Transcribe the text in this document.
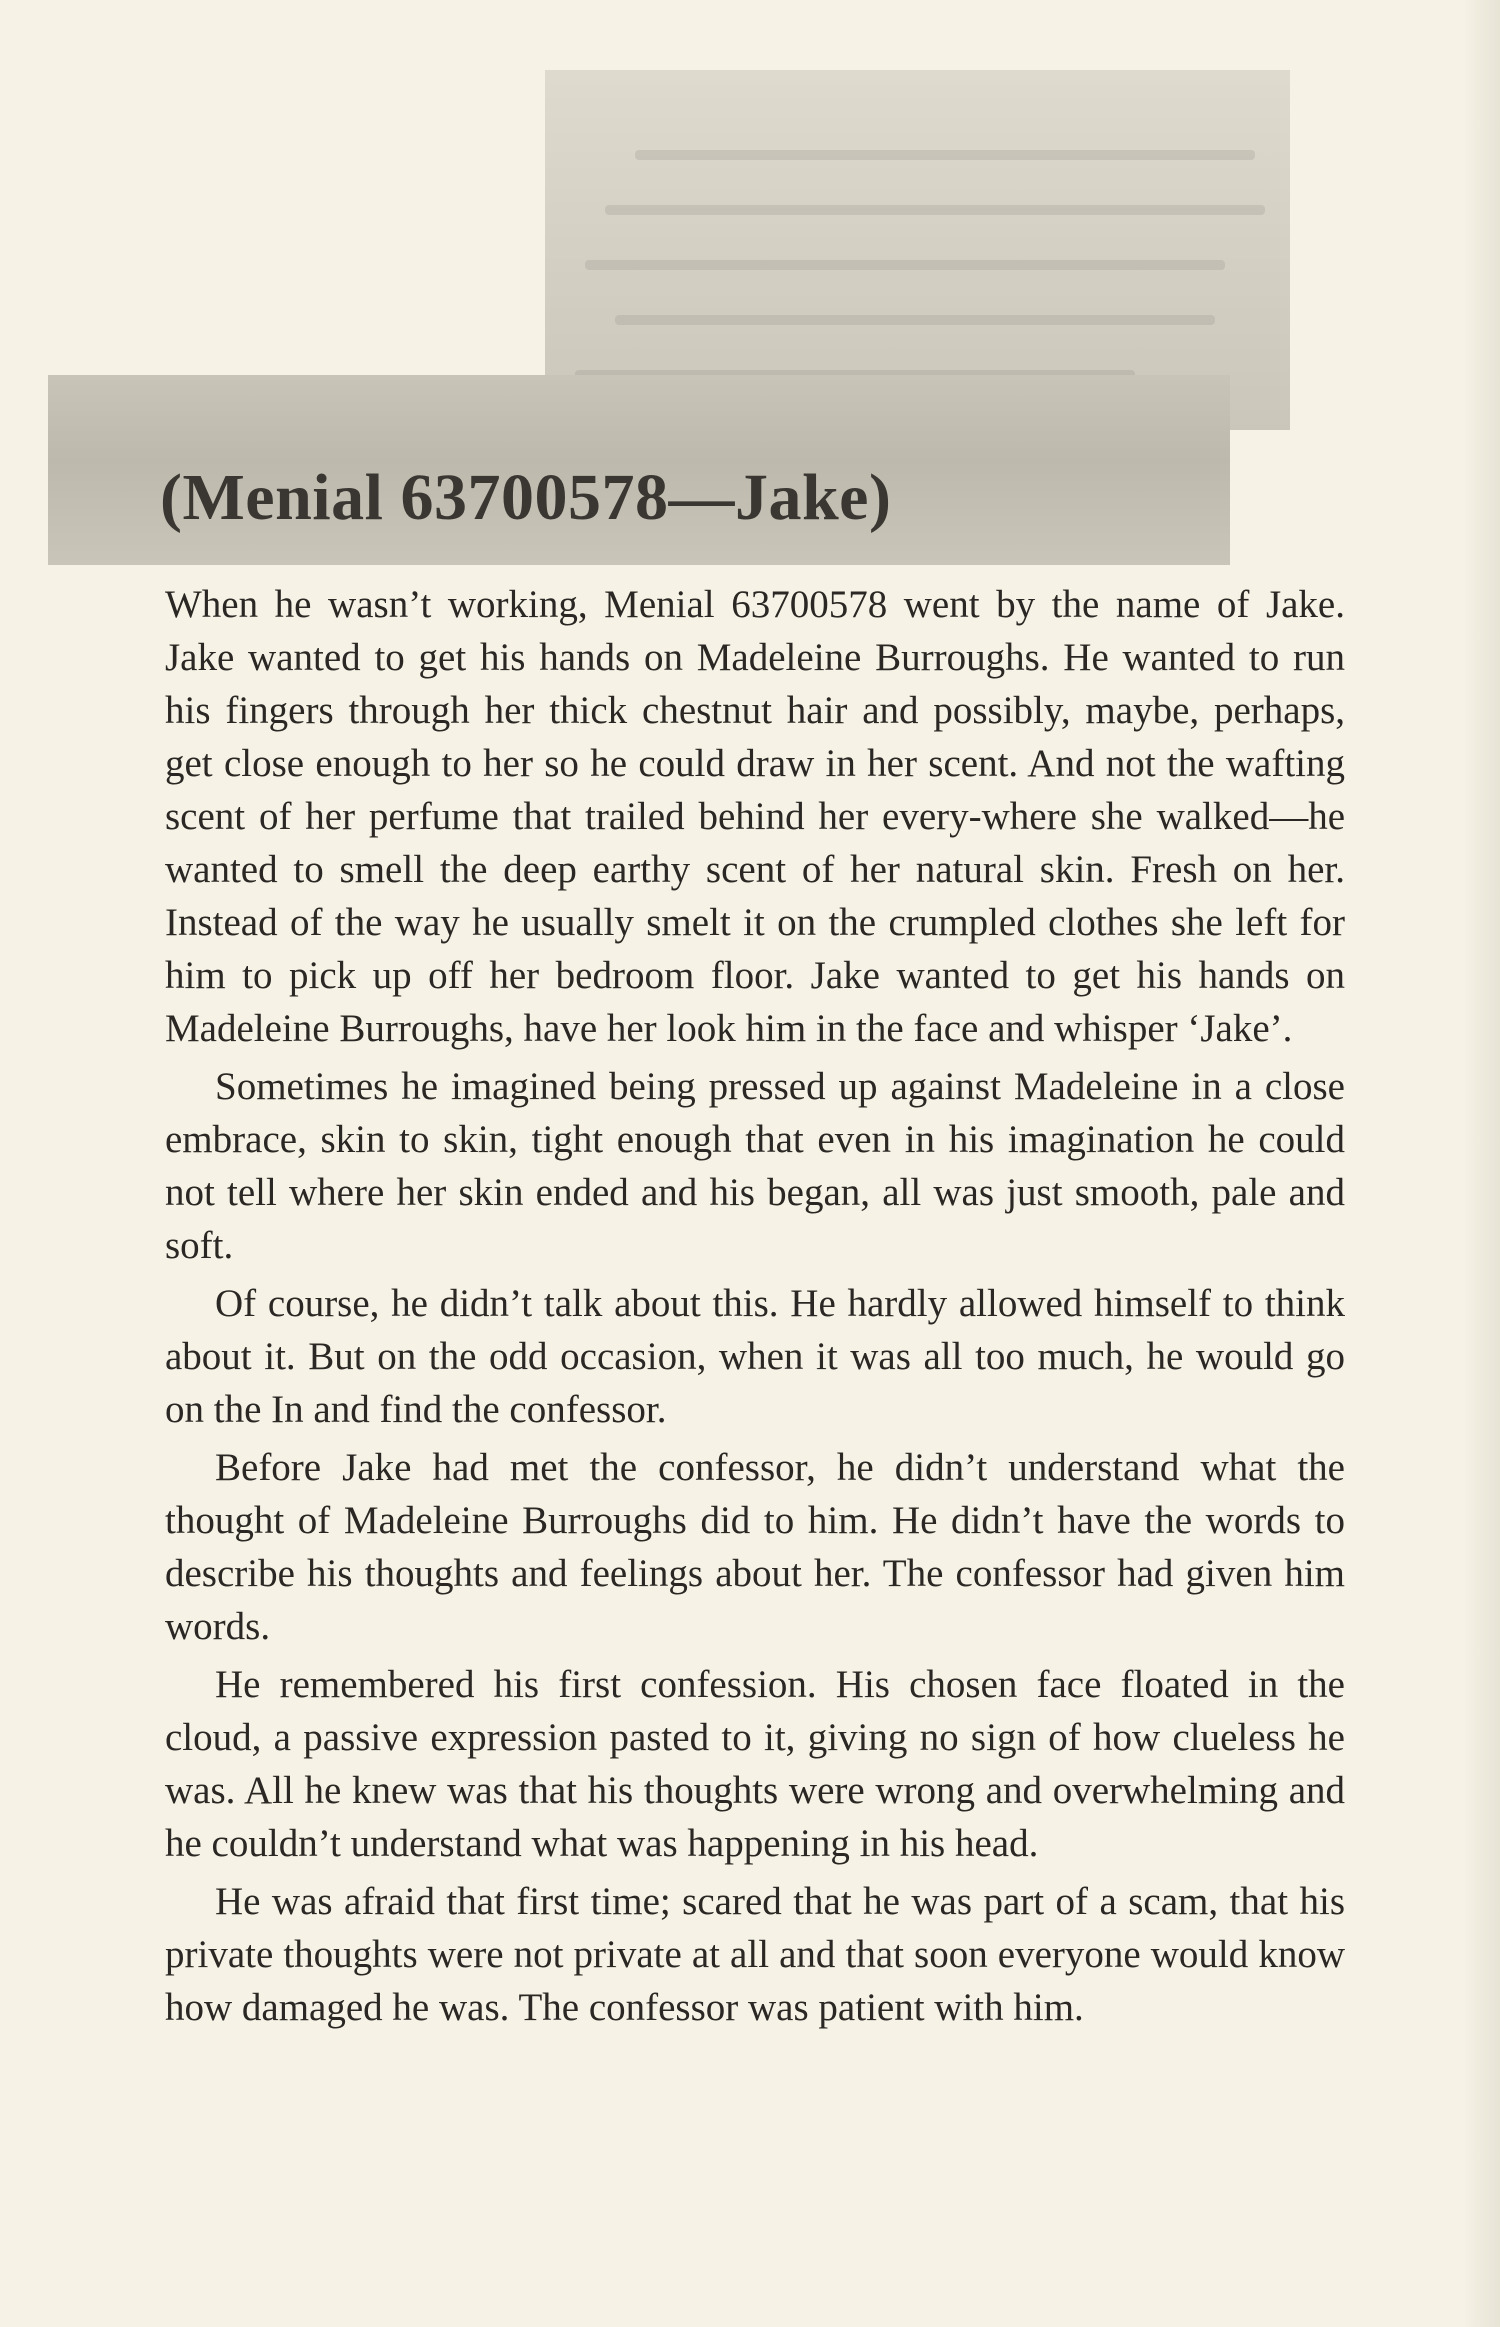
(Menial 63700578—Jake)

When he wasn’t working, Menial 63700578 went by the name of Jake. Jake wanted to get his hands on Madeleine Burroughs. He wanted to run his fingers through her thick chestnut hair and possibly, maybe, perhaps, get close enough to her so he could draw in her scent. And not the wafting scent of her perfume that trailed behind her every-where she walked—he wanted to smell the deep earthy scent of her natural skin. Fresh on her. Instead of the way he usually smelt it on the crumpled clothes she left for him to pick up off her bedroom floor. Jake wanted to get his hands on Madeleine Burroughs, have her look him in the face and whisper ‘Jake’.

Sometimes he imagined being pressed up against Madeleine in a close embrace, skin to skin, tight enough that even in his imagination he could not tell where her skin ended and his began, all was just smooth, pale and soft.

Of course, he didn’t talk about this. He hardly allowed himself to think about it. But on the odd occasion, when it was all too much, he would go on the In and find the confessor.

Before Jake had met the confessor, he didn’t understand what the thought of Madeleine Burroughs did to him. He didn’t have the words to describe his thoughts and feelings about her. The confessor had given him words.

He remembered his first confession. His chosen face floated in the cloud, a passive expression pasted to it, giving no sign of how clueless he was. All he knew was that his thoughts were wrong and overwhelming and he couldn’t understand what was happening in his head.

He was afraid that first time; scared that he was part of a scam, that his private thoughts were not private at all and that soon everyone would know how damaged he was. The confessor was patient with him.
